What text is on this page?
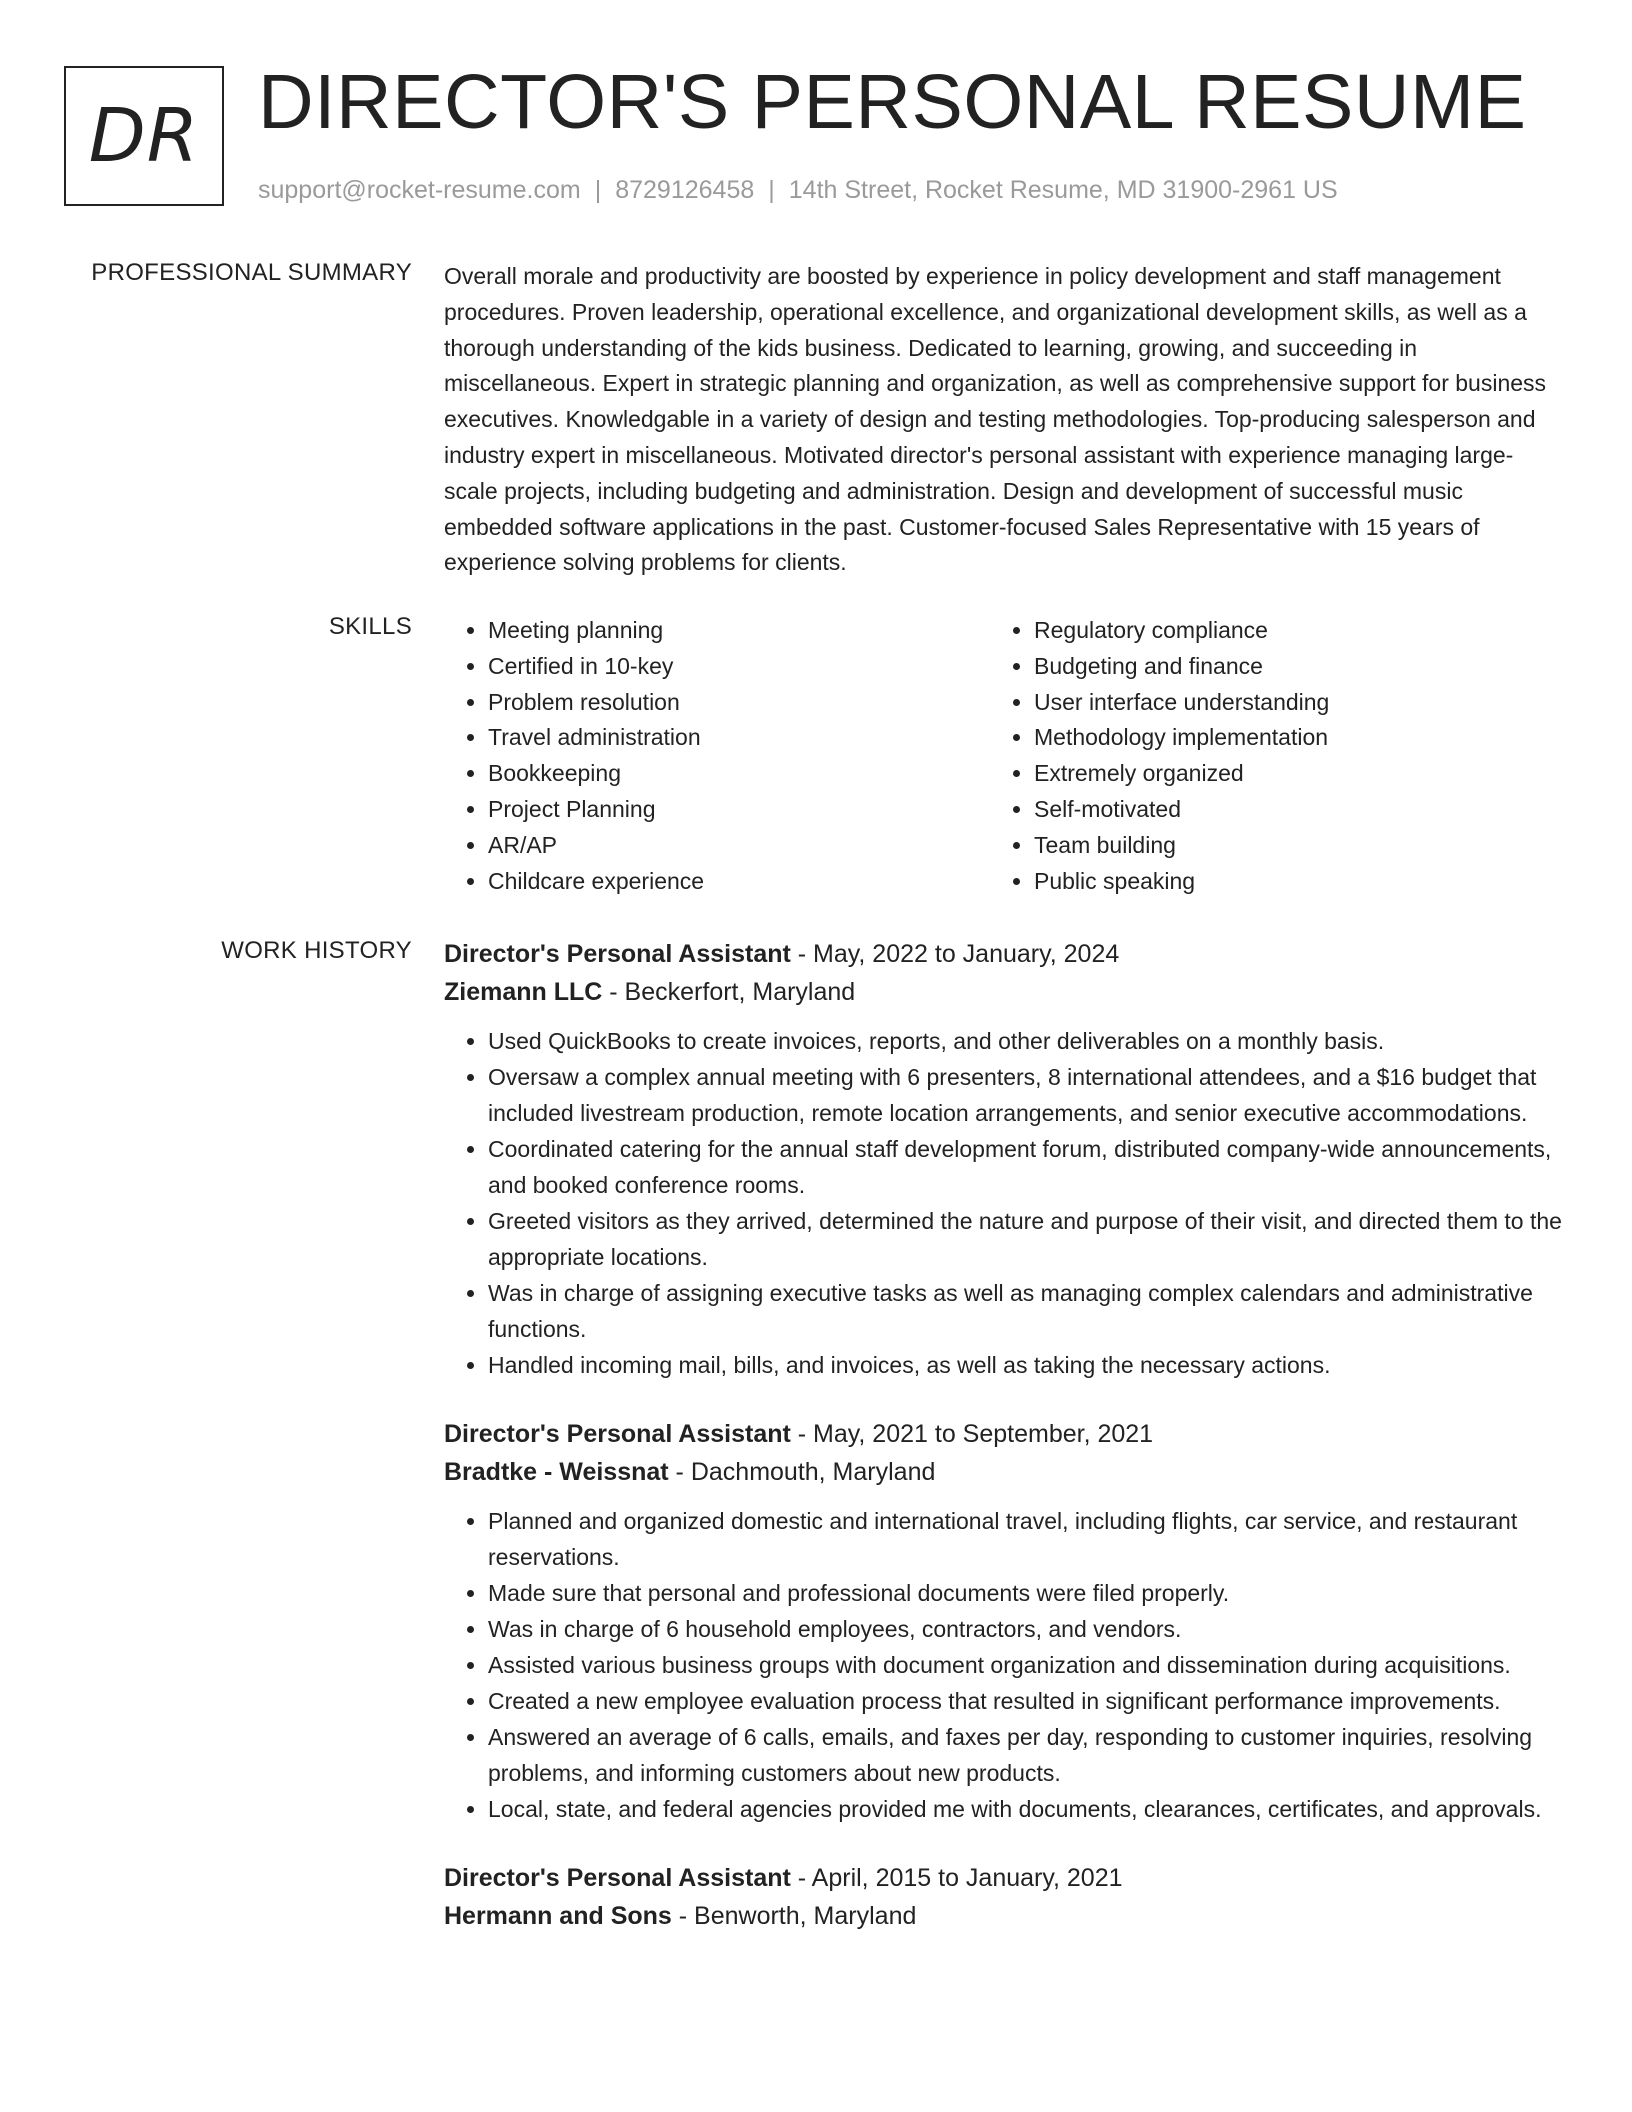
DR DIRECTOR'S PERSONAL RESUME
support@rocket-resume.com | 8729126458 | 14th Street, Rocket Resume, MD 31900-2961 US
PROFESSIONAL SUMMARY Overall morale and productivity are boosted by experience in policy development and staff management procedures. Proven leadership, operational excellence, and organizational development skills, as well as a thorough understanding of the kids business. Dedicated to learning, growing, and succeeding in miscellaneous. Expert in strategic planning and organization, as well as comprehensive support for business executives. Knowledgable in a variety of design and testing methodologies. Top-producing salesperson and industry expert in miscellaneous. Motivated director's personal assistant with experience managing large-scale projects, including budgeting and administration. Design and development of successful music embedded software applications in the past. Customer-focused Sales Representative with 15 years of experience solving problems for clients.

SKILLS
•	Meeting planning
• Certified in 10-key
• Problem resolution
• Travel administration
• Bookkeeping
• Project Planning
• AR/AP
• Childcare experience
• Regulatory compliance
• Budgeting and finance
• User interface understanding
• Methodology implementation
• Extremely organized
• Self-motivated
• Team building
• Public speaking
WORK HISTORY Director's Personal Assistant - May, 2022 to January, 2024

Ziemann LLC - Beckerfort, Maryland

• Used QuickBooks to create invoices, reports, and other deliverables on a monthly basis.
• Oversaw a complex annual meeting with 6 presenters, 8 international attendees, and a $16 budget that included livestream production, remote location arrangements, and senior executive accommodations.
• Coordinated catering for the annual staff development forum, distributed company-wide announcements, and booked conference rooms.
• Greeted visitors as they arrived, determined the nature and purpose of their visit, and directed them to the appropriate locations.
• Was in charge of assigning executive tasks as well as managing complex calendars and administrative functions.
• Handled incoming mail, bills, and invoices, as well as taking the necessary actions.

Director's Personal Assistant - May, 2021 to September, 2021

Bradtke - Weissnat - Dachmouth, Maryland

• Planned and organized domestic and international travel, including flights, car service, and restaurant reservations.
• Made sure that personal and professional documents were filed properly.
• Was in charge of 6 household employees, contractors, and vendors.
• Assisted various business groups with document organization and dissemination during acquisitions.
• Created a new employee evaluation process that resulted in significant performance improvements.
• Answered an average of 6 calls, emails, and faxes per day, responding to customer inquiries, resolving problems, and informing customers about new products.
• Local, state, and federal agencies provided me with documents, clearances, certificates, and approvals.

Director's Personal Assistant - April, 2015 to January, 2021

Hermann and Sons - Benworth, Maryland
